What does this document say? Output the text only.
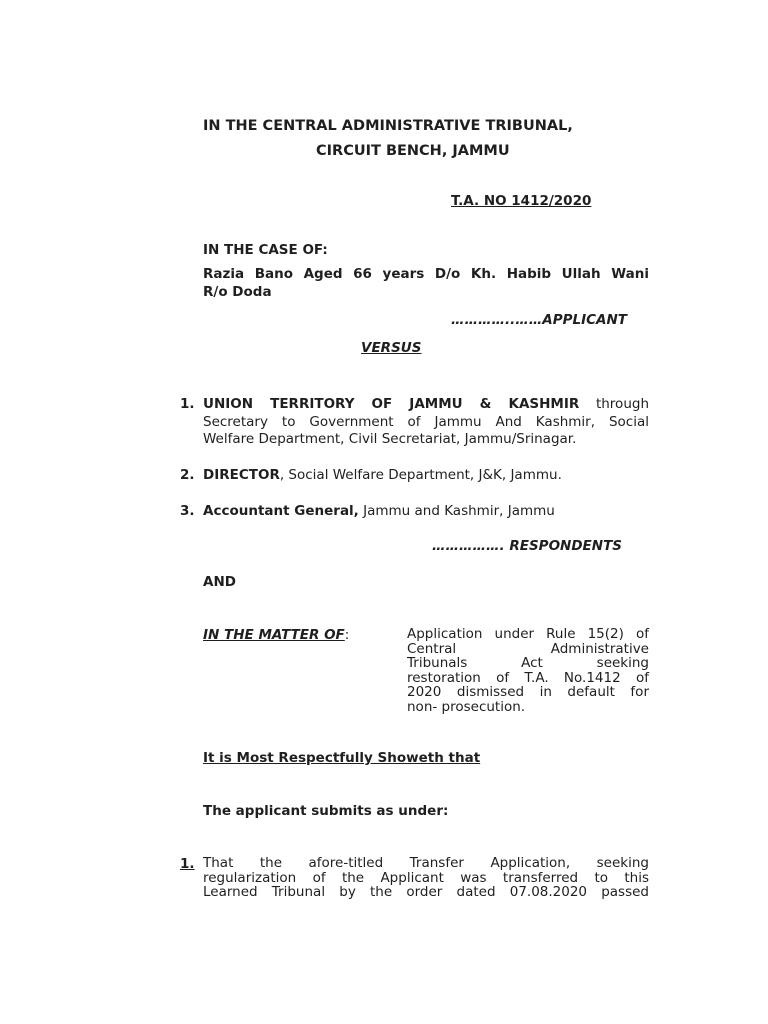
IN THE CENTRAL ADMINISTRATIVE TRIBUNAL,
CIRCUIT BENCH, JAMMU
T.A. NO 1412/2020
IN THE CASE OF:
Razia Bano Aged 66 years D/o Kh. Habib Ullah Wani
R/o Doda
…………..……APPLICANT
VERSUS
1. UNION TERRITORY OF JAMMU & KASHMIR through
Secretary to Government of Jammu And Kashmir, Social
Welfare Department, Civil Secretariat, Jammu/Srinagar.
2. DIRECTOR, Social Welfare Department, J&K, Jammu.
3. Accountant General, Jammu and Kashmir, Jammu
……………. RESPONDENTS
AND
IN THE MATTER OF:	Application under Rule 15(2) of
Central Administrative
Tribunals Act seeking
restoration of T.A. No.1412 of
2020 dismissed in default for
non- prosecution.
It is Most Respectfully Showeth that
The applicant submits as under:
1. That the afore-titled Transfer Application, seeking
regularization of the Applicant was transferred to this
Learned Tribunal by the order dated 07.08.2020 passed
